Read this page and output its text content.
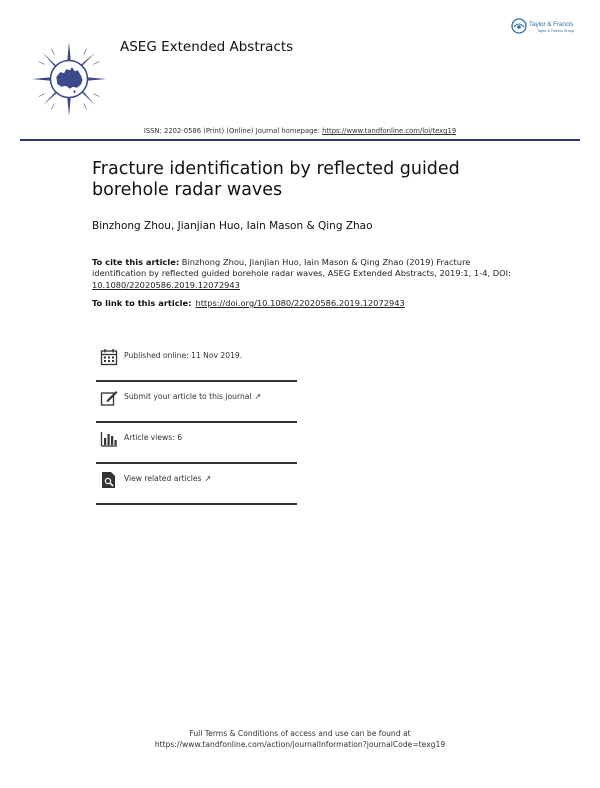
ASEG Extended Abstracts
Taylor & Francis
Taylor & Francis Group
ISSN: 2202-0586 (Print) (Online) Journal homepage: https://www.tandfonline.com/loi/texg19
Fracture identification by reflected guided borehole radar waves
Binzhong Zhou, Jianjian Huo, Iain Mason & Qing Zhao
To cite this article: Binzhong Zhou, Jianjian Huo, Iain Mason & Qing Zhao (2019) Fracture identification by reflected guided borehole radar waves, ASEG Extended Abstracts, 2019:1, 1-4, DOI: 10.1080/22020586.2019.12072943
To link to this article: https://doi.org/10.1080/22020586.2019.12072943
Published online: 11 Nov 2019.
Submit your article to this journal ↗
Article views: 6
View related articles ↗
Full Terms & Conditions of access and use can be found at
https://www.tandfonline.com/action/journalInformation?journalCode=texg19
